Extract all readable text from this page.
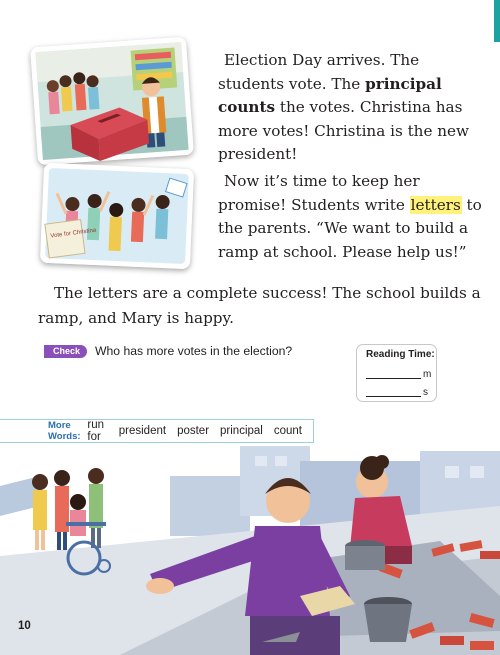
Vote for Christina

Election Day arrives. The students vote. The principal counts the votes. Christina has more votes! Christina is the new president!

Now it’s time to keep her promise! Students write letters to the parents. “We want to build a ramp at school. Please help us!”

The letters are a complete success! The school builds a ramp, and Mary is happy.

Check	Who has more votes in the election?	Reading Time:
m
s
More Words:
run for	president poster principal count
10
